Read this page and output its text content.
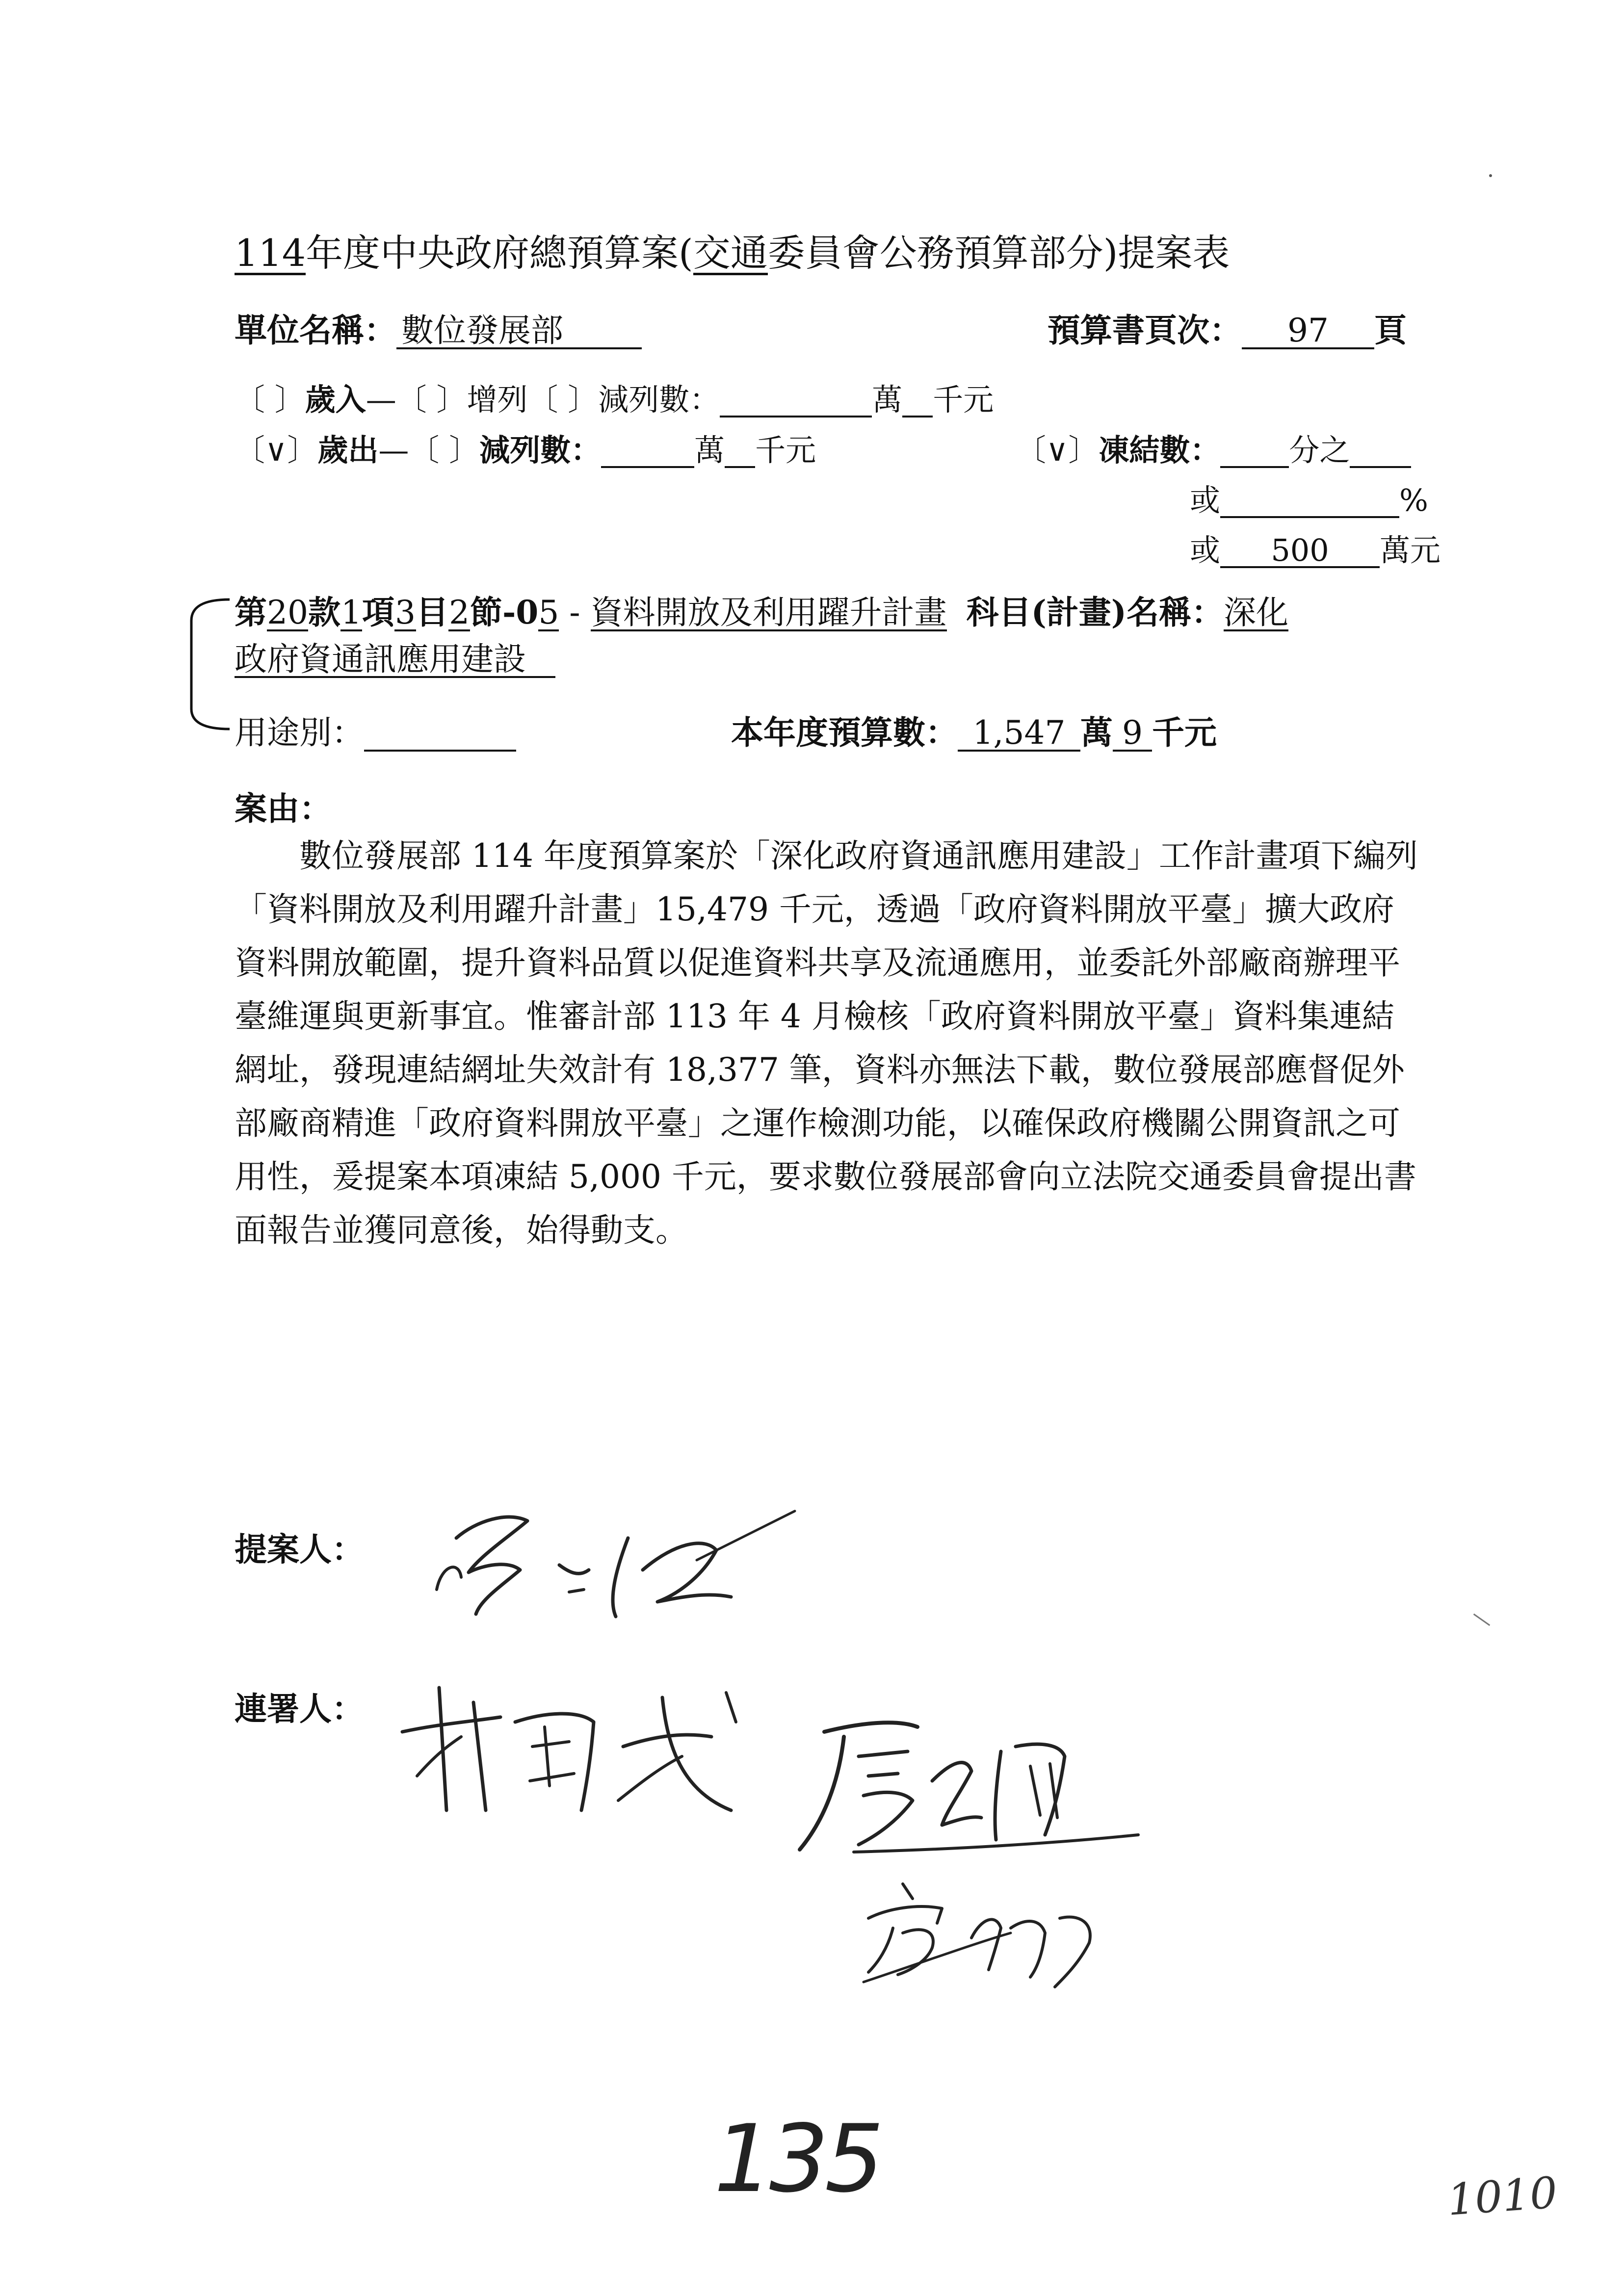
114年度中央政府總預算案(交通委員會公務預算部分)提案表
單位名稱： 數位發展部	預算書頁次： 97 頁
〔 〕歲入—〔 〕增列〔 〕減列數：	萬 千元
〔∨〕歲出—〔 〕減列數：	萬 千元	〔∨〕凍結數： 分之
或	%
或 500 萬元
第20款1項3目2節-05 - 資料開放及利用躍升計畫 科目(計畫)名稱：深化
政府資通訊應用建設
用途別：	本年度預算數： 1,547 萬 9 千元
案由：
數位發展部 114 年度預算案於「深化政府資通訊應用建設」工作計畫項下編列「資料開放及利用躍升計畫」15,479 千元，透過「政府資料開放平臺」擴大政府資料開放範圍，提升資料品質以促進資料共享及流通應用，並委託外部廠商辦理平臺維運與更新事宜。惟審計部 113 年 4 月檢核「政府資料開放平臺」資料集連結網址，發現連結網址失效計有 18,377 筆，資料亦無法下載，數位發展部應督促外部廠商精進「政府資料開放平臺」之運作檢測功能，以確保政府機關公開資訊之可用性，爰提案本項凍結 5,000 千元，要求數位發展部會向立法院交通委員會提出書面報告並獲同意後，始得動支。
提案人：
連署人：
135	1010
